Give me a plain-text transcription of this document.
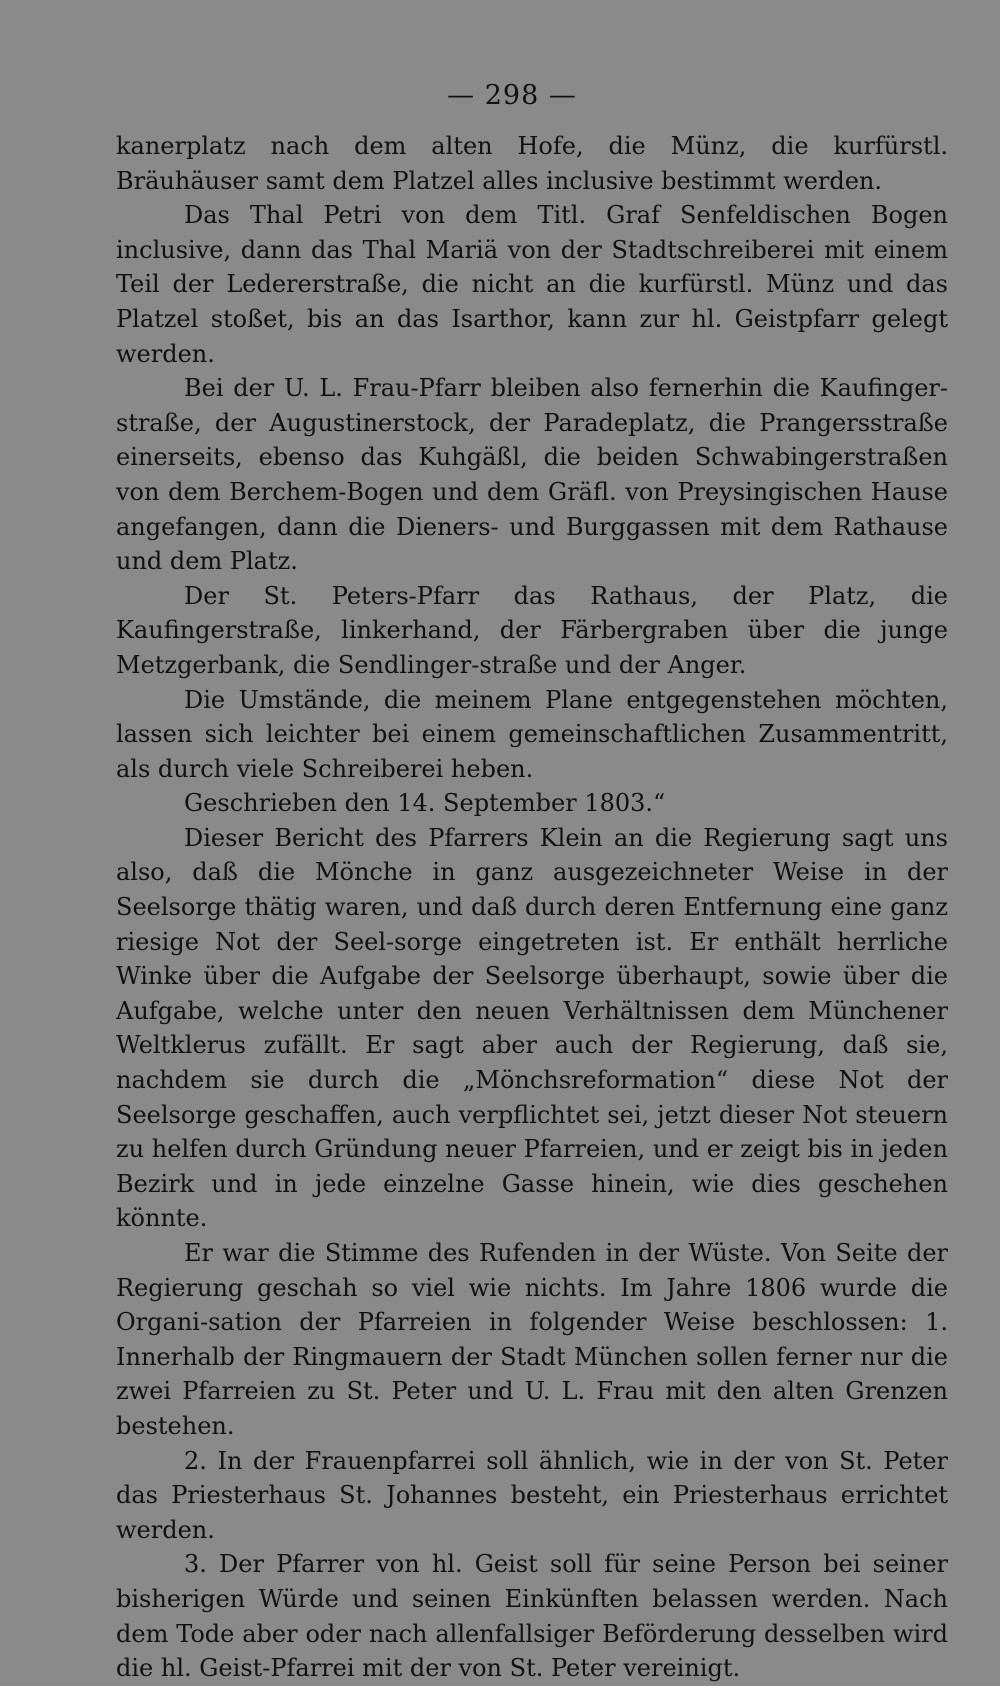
— 298 —

kanerplatz nach dem alten Hofe, die Münz, die kurfürstl. Bräuhäuser samt dem Platzel alles inclusive bestimmt werden.

Das Thal Petri von dem Titl. Graf Senfeldischen Bogen inclusive, dann das Thal Mariä von der Stadtschreiberei mit einem Teil der Ledererstraße, die nicht an die kurfürstl. Münz und das Platzel stoßet, bis an das Isarthor, kann zur hl. Geistpfarr gelegt werden.

Bei der U. L. Frau-Pfarr bleiben also fernerhin die Kaufinger-straße, der Augustinerstock, der Paradeplatz, die Prangersstraße einerseits, ebenso das Kuhgäßl, die beiden Schwabingerstraßen von dem Berchem-Bogen und dem Gräfl. von Preysingischen Hause angefangen, dann die Dieners- und Burggassen mit dem Rathause und dem Platz.

Der St. Peters-Pfarr das Rathaus, der Platz, die Kaufingerstraße, linkerhand, der Färbergraben über die junge Metzgerbank, die Sendlinger-straße und der Anger.

Die Umstände, die meinem Plane entgegenstehen möchten, lassen sich leichter bei einem gemeinschaftlichen Zusammentritt, als durch viele Schreiberei heben.

Geschrieben den 14. September 1803.“

Dieser Bericht des Pfarrers Klein an die Regierung sagt uns also, daß die Mönche in ganz ausgezeichneter Weise in der Seelsorge thätig waren, und daß durch deren Entfernung eine ganz riesige Not der Seel-sorge eingetreten ist. Er enthält herrliche Winke über die Aufgabe der Seelsorge überhaupt, sowie über die Aufgabe, welche unter den neuen Verhältnissen dem Münchener Weltklerus zufällt. Er sagt aber auch der Regierung, daß sie, nachdem sie durch die „Mönchsreformation“ diese Not der Seelsorge geschaffen, auch verpflichtet sei, jetzt dieser Not steuern zu helfen durch Gründung neuer Pfarreien, und er zeigt bis in jeden Bezirk und in jede einzelne Gasse hinein, wie dies geschehen könnte.

Er war die Stimme des Rufenden in der Wüste. Von Seite der Regierung geschah so viel wie nichts. Im Jahre 1806 wurde die Organi-sation der Pfarreien in folgender Weise beschlossen: 1. Innerhalb der Ringmauern der Stadt München sollen ferner nur die zwei Pfarreien zu St. Peter und U. L. Frau mit den alten Grenzen bestehen.

2. In der Frauenpfarrei soll ähnlich, wie in der von St. Peter das Priesterhaus St. Johannes besteht, ein Priesterhaus errichtet werden.

3. Der Pfarrer von hl. Geist soll für seine Person bei seiner bisherigen Würde und seinen Einkünften belassen werden. Nach dem Tode aber oder nach allenfallsiger Beförderung desselben wird die hl. Geist-Pfarrei mit der von St. Peter vereinigt.
